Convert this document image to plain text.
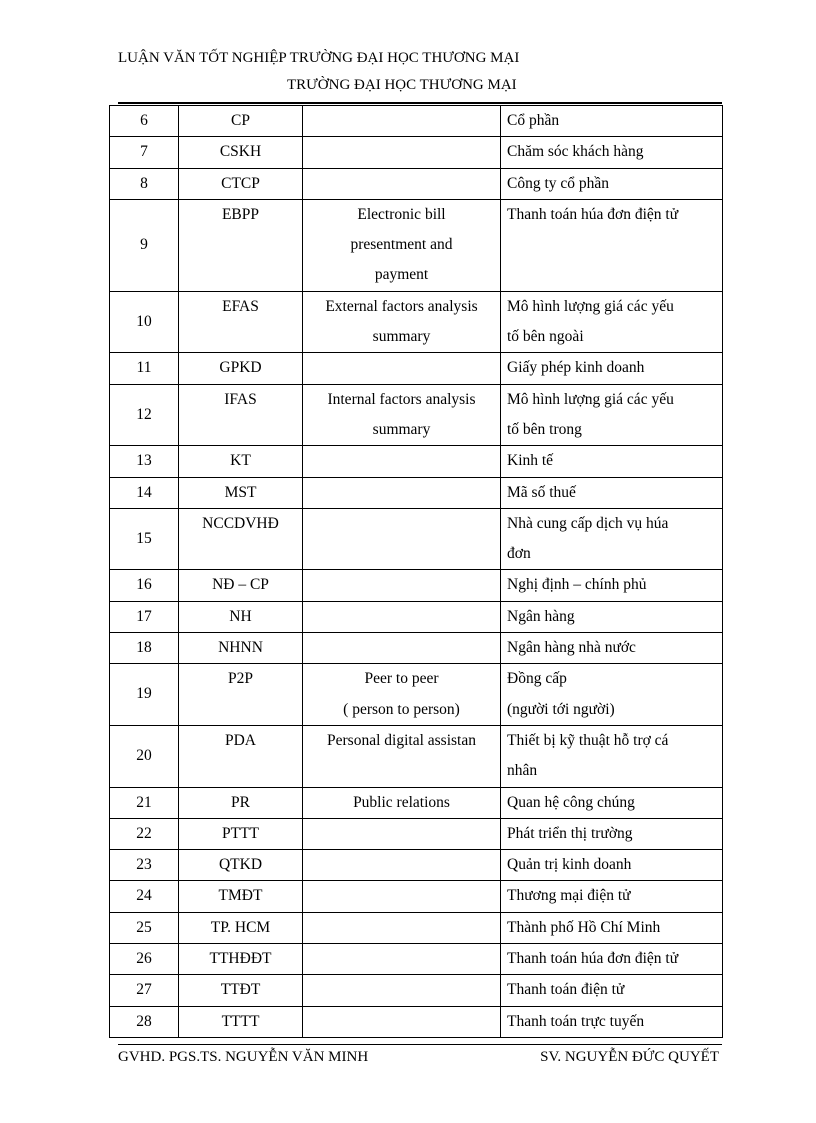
LUẬN VĂN TỐT NGHIỆP TRƯỜNG ĐẠI HỌC THƯƠNG MẠI
TRƯỜNG ĐẠI HỌC THƯƠNG MẠI
6	CP		Cổ phần

7	CSKH		Chăm sóc khách hàng

8	CTCP		Công ty cổ phần

9	EBPP	Electronic bill
presentment and
payment	Thanh toán húa đơn điện tử

10	EFAS	External factors analysis
summary	Mô hình lượng giá các yếu
tố bên ngoài

11	GPKD		Giấy phép kinh doanh

12	IFAS	Internal factors analysis
summary	Mô hình lượng giá các yếu
tố bên trong

13	KT		Kinh tế

14	MST		Mã số thuế

15	NCCDVHĐ		Nhà cung cấp dịch vụ húa
đơn

16	NĐ – CP		Nghị định – chính phủ

17	NH		Ngân hàng

18	NHNN		Ngân hàng nhà nước

19	P2P	Peer to peer
( person to person)	Đồng cấp
(người tới người)

20	PDA	Personal digital assistan	Thiết bị kỹ thuật hỗ trợ cá
nhân

21	PR	Public relations	Quan hệ công chúng

22	PTTT		Phát triển thị trường

23	QTKD		Quản trị kinh doanh

24	TMĐT		Thương mại điện tử

25	TP. HCM		Thành phố Hồ Chí Minh

26	TTHĐĐT		Thanh toán húa đơn điện tử

27	TTĐT		Thanh toán điện tử

28	TTTT		Thanh toán trực tuyến
GVHD. PGS.TS. NGUYỄN VĂN MINH	SV. NGUYỄN ĐỨC QUYẾT
